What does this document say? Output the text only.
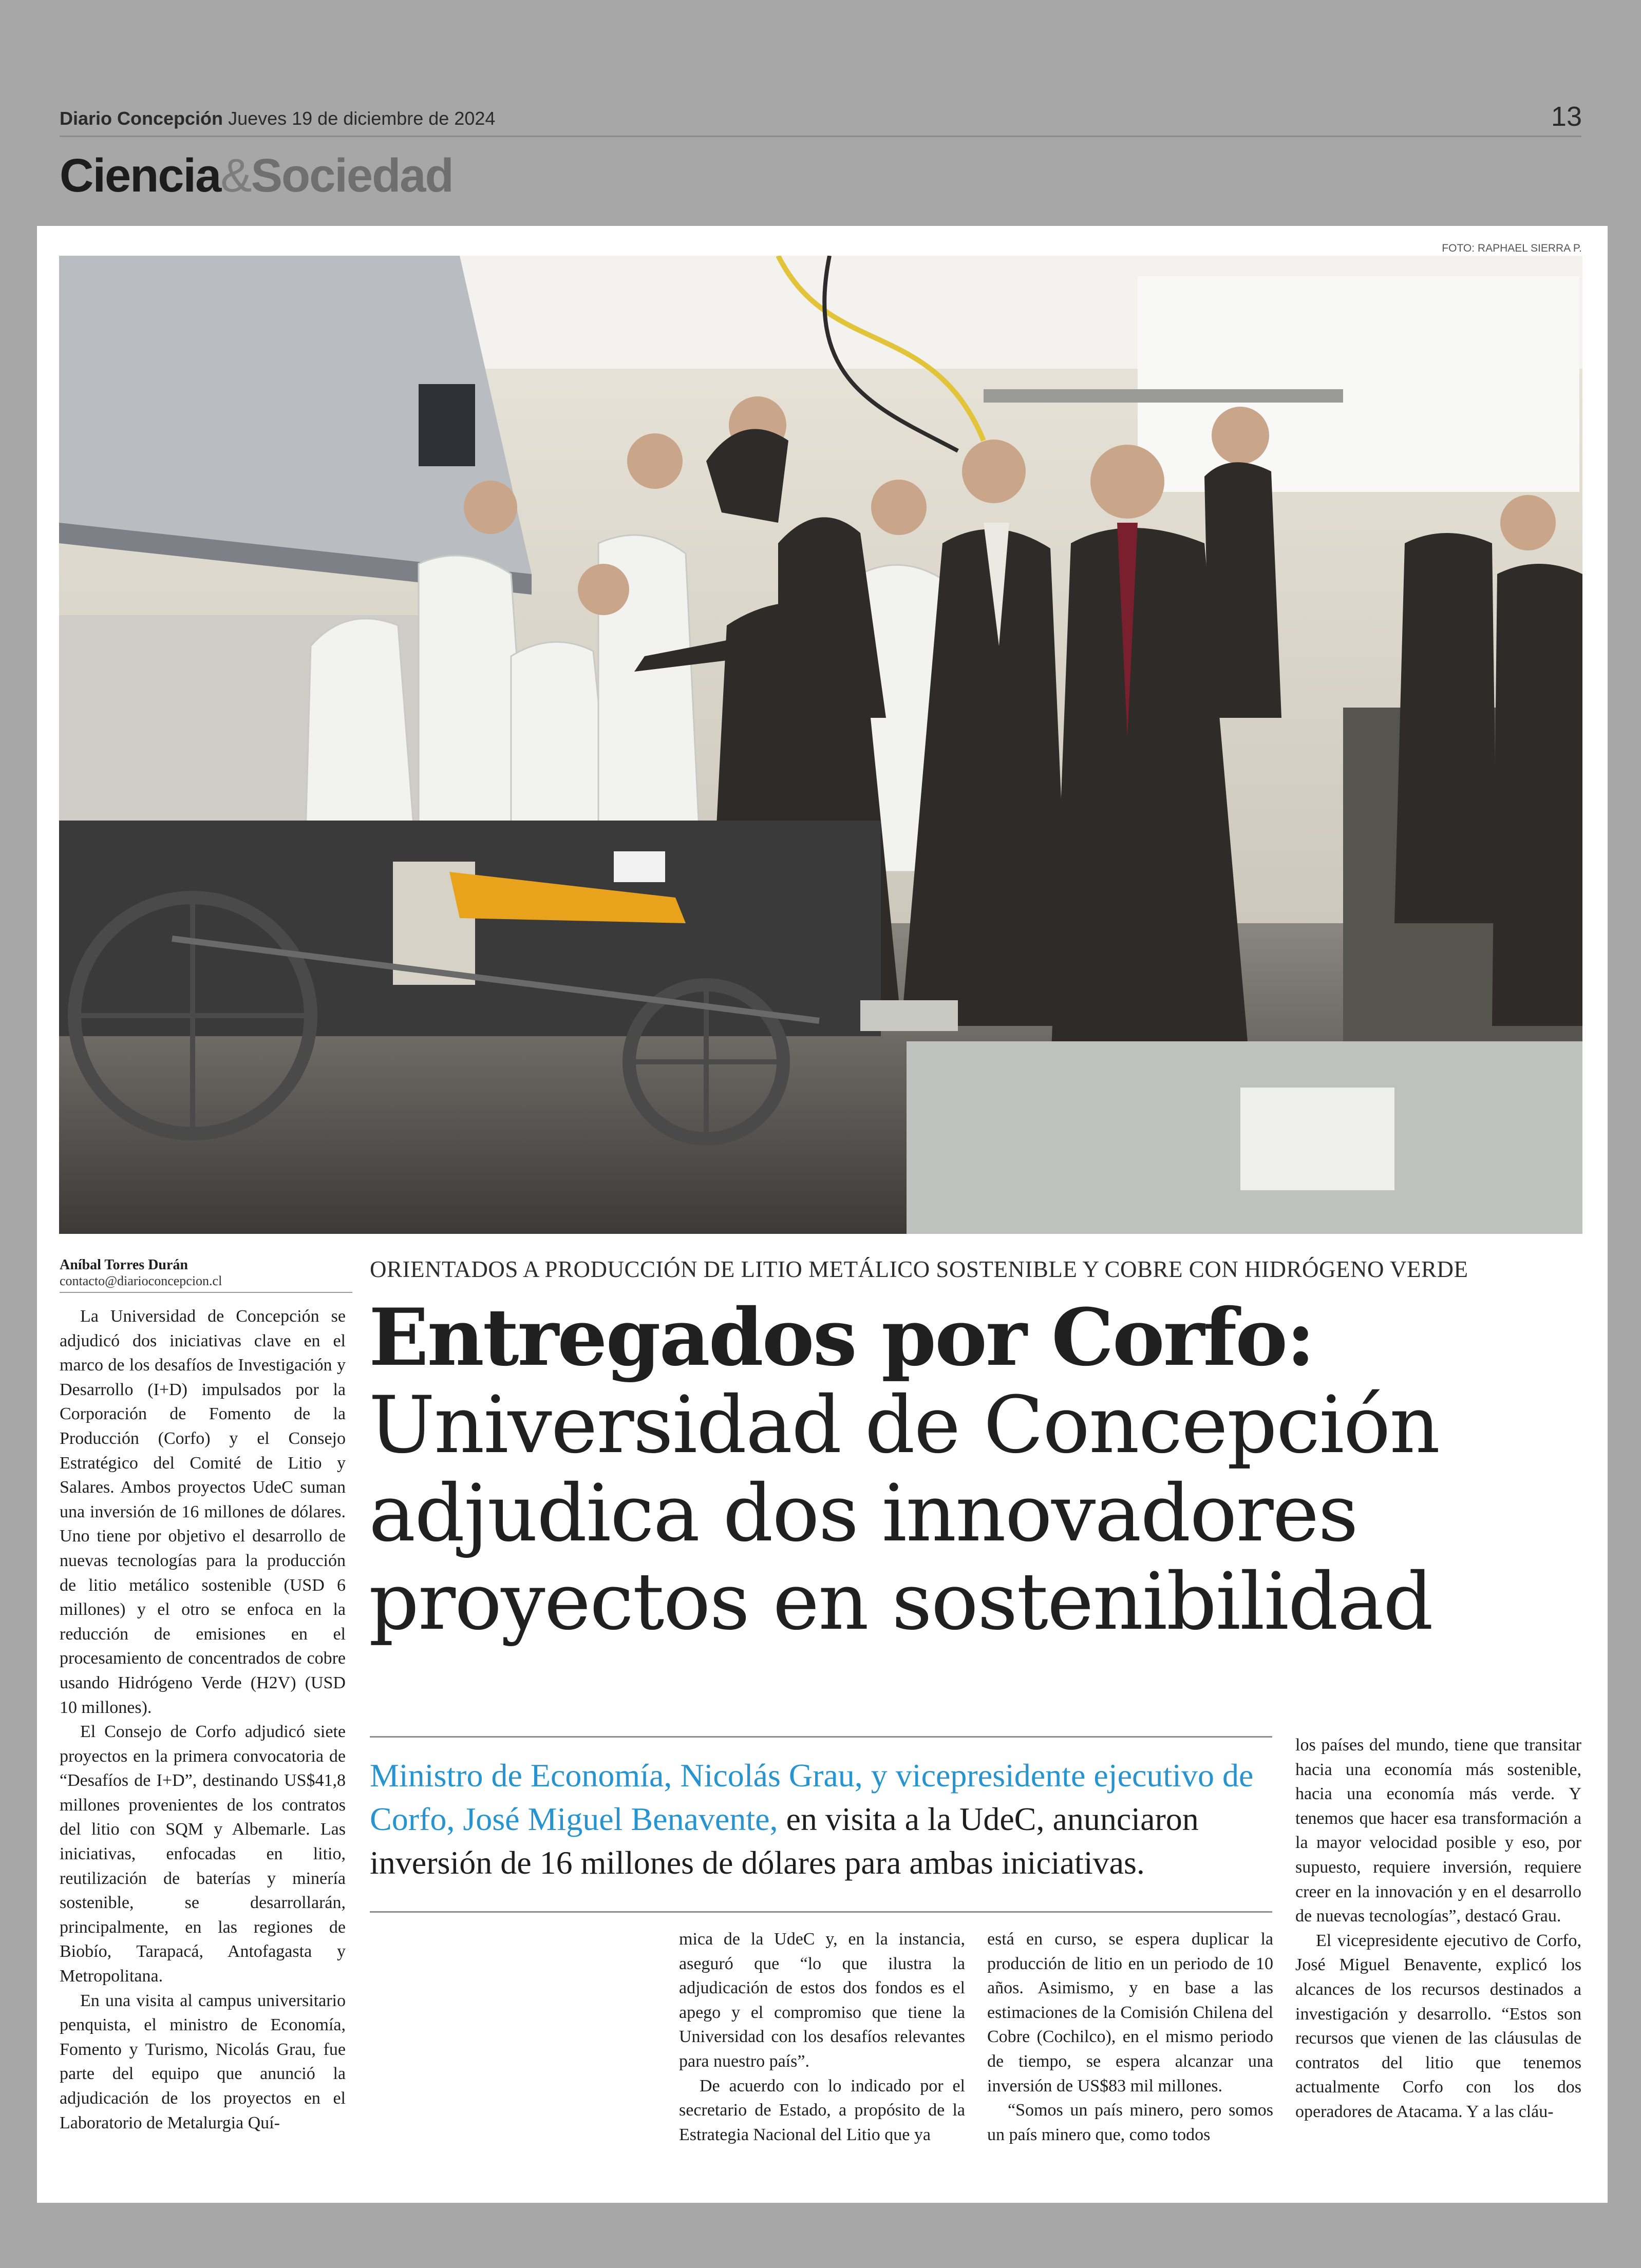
Diario Concepción Jueves 19 de diciembre de 2024	13
Ciencia&Sociedad
FOTO: RAPHAEL SIERRA P.
Aníbal Torres Durán
contacto@diarioconcepcion.cl	ORIENTADOS A PRODUCCIÓN DE LITIO METÁLICO SOSTENIBLE Y COBRE CON HIDRÓGENO VERDE
Entregados por Corfo:
Universidad de Concepción
adjudica dos innovadores
proyectos en sostenibilidad

Ministro de Economía, Nicolás Grau, y vicepresidente ejecutivo de Corfo, José Miguel Benavente, en visita a la UdeC, anunciaron inversión de 16 millones de dólares para ambas iniciativas.

La Universidad de Concepción se adjudicó dos iniciativas clave en el marco de los desafíos de Investigación y Desarrollo (I+D) impulsados por la Corporación de Fomento de la Producción (Corfo) y el Consejo Estratégico del Comité de Litio y Salares. Ambos proyectos UdeC suman una inversión de 16 millones de dólares. Uno tiene por objetivo el desarrollo de nuevas tecnologías para la producción de litio metálico sostenible (USD 6 millones) y el otro se enfoca en la reducción de emisiones en el procesamiento de concentrados de cobre usando Hidrógeno Verde (H2V) (USD 10 millones).

El Consejo de Corfo adjudicó siete proyectos en la primera convocatoria de “Desafíos de I+D”, destinando US$41,8 millones provenientes de los contratos del litio con SQM y Albemarle. Las iniciativas, enfocadas en litio, reutilización de baterías y minería sostenible, se desarrollarán, principalmente, en las regiones de Biobío, Tarapacá, Antofagasta y Metropolitana.

En una visita al campus universitario penquista, el ministro de Economía, Fomento y Turismo, Nicolás Grau, fue parte del equipo que anunció la adjudicación de los proyectos en el Laboratorio de Metalurgia Quí-

mica de la UdeC y, en la instancia, aseguró que “lo que ilustra la adjudicación de estos dos fondos es el apego y el compromiso que tiene la Universidad con los desafíos relevantes para nuestro país”.

De acuerdo con lo indicado por el secretario de Estado, a propósito de la Estrategia Nacional del Litio que ya

está en curso, se espera duplicar la producción de litio en un periodo de 10 años. Asimismo, y en base a las estimaciones de la Comisión Chilena del Cobre (Cochilco), en el mismo periodo de tiempo, se espera alcanzar una inversión de US$83 mil millones.

“Somos un país minero, pero somos un país minero que, como todos

los países del mundo, tiene que transitar hacia una economía más sostenible, hacia una economía más verde. Y tenemos que hacer esa transformación a la mayor velocidad posible y eso, por supuesto, requiere inversión, requiere creer en la innovación y en el desarrollo de nuevas tecnologías”, destacó Grau.

El vicepresidente ejecutivo de Corfo, José Miguel Benavente, explicó los alcances de los recursos destinados a investigación y desarrollo. “Estos son recursos que vienen de las cláusulas de contratos del litio que tenemos actualmente Corfo con los dos operadores de Atacama. Y a las cláu-
